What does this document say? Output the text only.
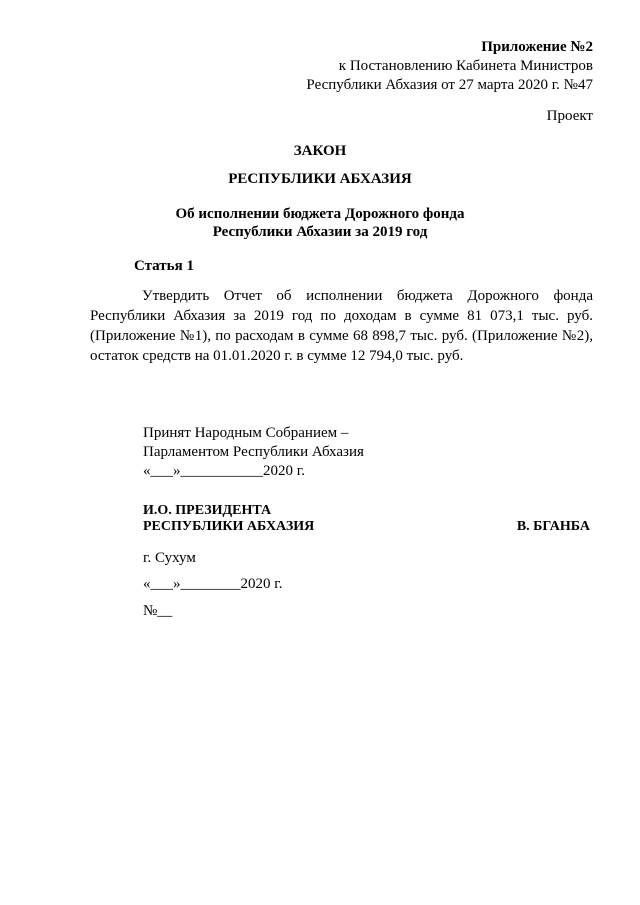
Приложение №2
к Постановлению Кабинета Министров
Республики Абхазия от 27 марта 2020 г. №47
Проект
ЗАКОН
РЕСПУБЛИКИ АБХАЗИЯ
Об исполнении бюджета Дорожного фонда
Республики Абхазии за 2019 год
Статья 1
Утвердить Отчет об исполнении бюджета Дорожного фонда Республики Абхазия за 2019 год по доходам в сумме 81 073,1 тыс. руб. (Приложение №1), по расходам в сумме 68 898,7 тыс. руб. (Приложение №2), остаток средств на 01.01.2020 г. в сумме 12 794,0 тыс. руб.
Принят Народным Собранием –
Парламентом Республики Абхазия
«___»___________2020 г.
И.О. ПРЕЗИДЕНТА
РЕСПУБЛИКИ АБХАЗИЯ	В. БГАНБА
г. Сухум
«___»________2020 г.
№__
